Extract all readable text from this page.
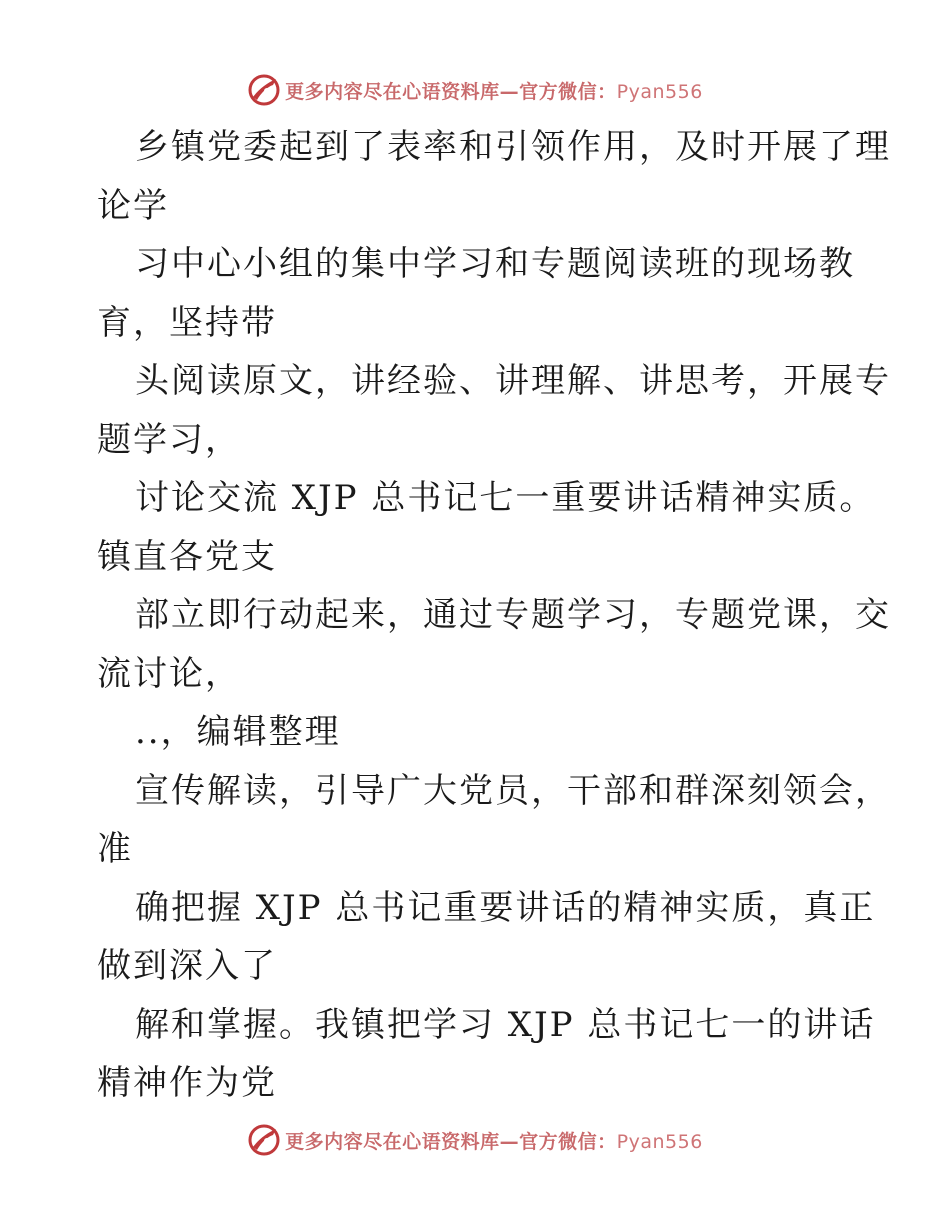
更多内容尽在心语资料库—官方微信：Pyan556
乡镇党委起到了表率和引领作用，及时开展了理
论学
习中心小组的集中学习和专题阅读班的现场教
育，坚持带
头阅读原文，讲经验、讲理解、讲思考，开展专
题学习，
讨论交流 XJP 总书记七一重要讲话精神实质。
镇直各党支
部立即行动起来，通过专题学习，专题党课，交
流讨论，
..，编辑整理
宣传解读，引导广大党员，干部和群深刻领会，
准
确把握 XJP 总书记重要讲话的精神实质，真正
做到深入了
解和掌握。我镇把学习 XJP 总书记七一的讲话
精神作为党
更多内容尽在心语资料库—官方微信：Pyan556
